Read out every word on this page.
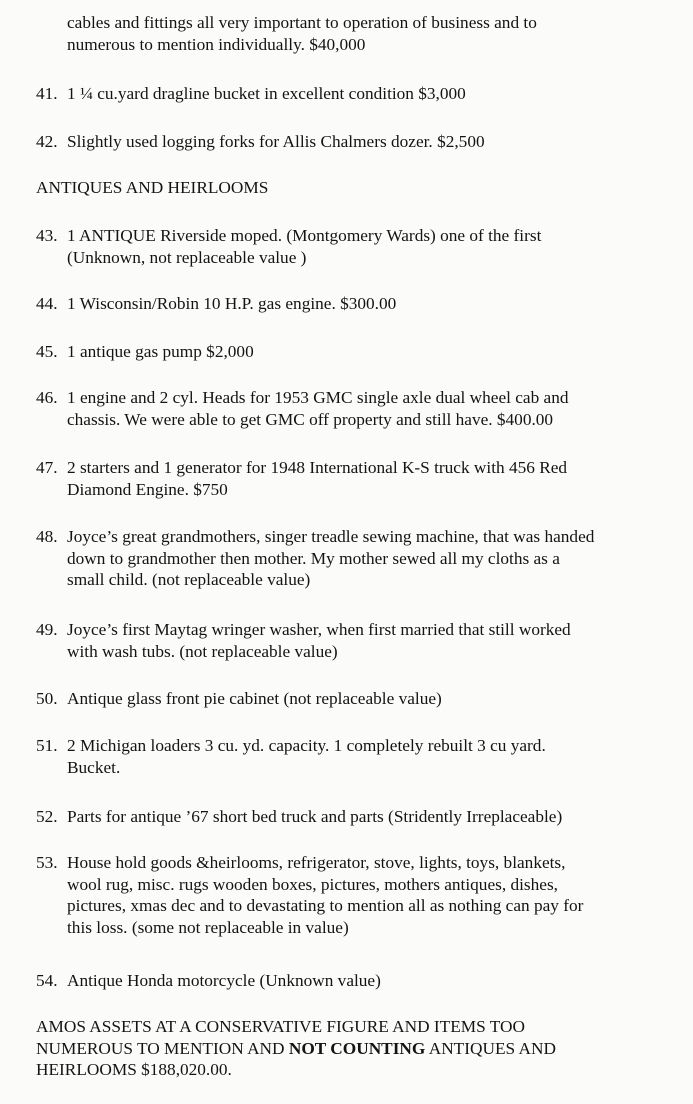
cables and fittings all very important to operation of business and to
numerous to mention individually. $40,000
41. 1 ¼ cu.yard dragline bucket in excellent condition $3,000
42. Slightly used logging forks for Allis Chalmers dozer. $2,500
ANTIQUES AND HEIRLOOMS
43. 1 ANTIQUE Riverside moped. (Montgomery Wards) one of the first
(Unknown, not replaceable value )
44. 1 Wisconsin/Robin 10 H.P. gas engine. $300.00
45. 1 antique gas pump $2,000
46. 1 engine and 2 cyl. Heads for 1953 GMC single axle dual wheel cab and
chassis. We were able to get GMC off property and still have. $400.00
47. 2 starters and 1 generator for 1948 International K-S truck with 456 Red
Diamond Engine. $750
48. Joyce’s great grandmothers, singer treadle sewing machine, that was handed
down to grandmother then mother. My mother sewed all my cloths as a
small child. (not replaceable value)
49. Joyce’s first Maytag wringer washer, when first married that still worked
with wash tubs. (not replaceable value)
50. Antique glass front pie cabinet (not replaceable value)
51. 2 Michigan loaders 3 cu. yd. capacity. 1 completely rebuilt 3 cu yard.
Bucket.
52. Parts for antique ’67 short bed truck and parts (Stridently Irreplaceable)
53. House hold goods &heirlooms, refrigerator, stove, lights, toys, blankets,
wool rug, misc. rugs wooden boxes, pictures, mothers antiques, dishes,
pictures, xmas dec and to devastating to mention all as nothing can pay for
this loss. (some not replaceable in value)
54. Antique Honda motorcycle (Unknown value)
AMOS ASSETS AT A CONSERVATIVE FIGURE AND ITEMS TOO
NUMEROUS TO MENTION AND NOT COUNTING ANTIQUES AND
HEIRLOOMS $188,020.00.
